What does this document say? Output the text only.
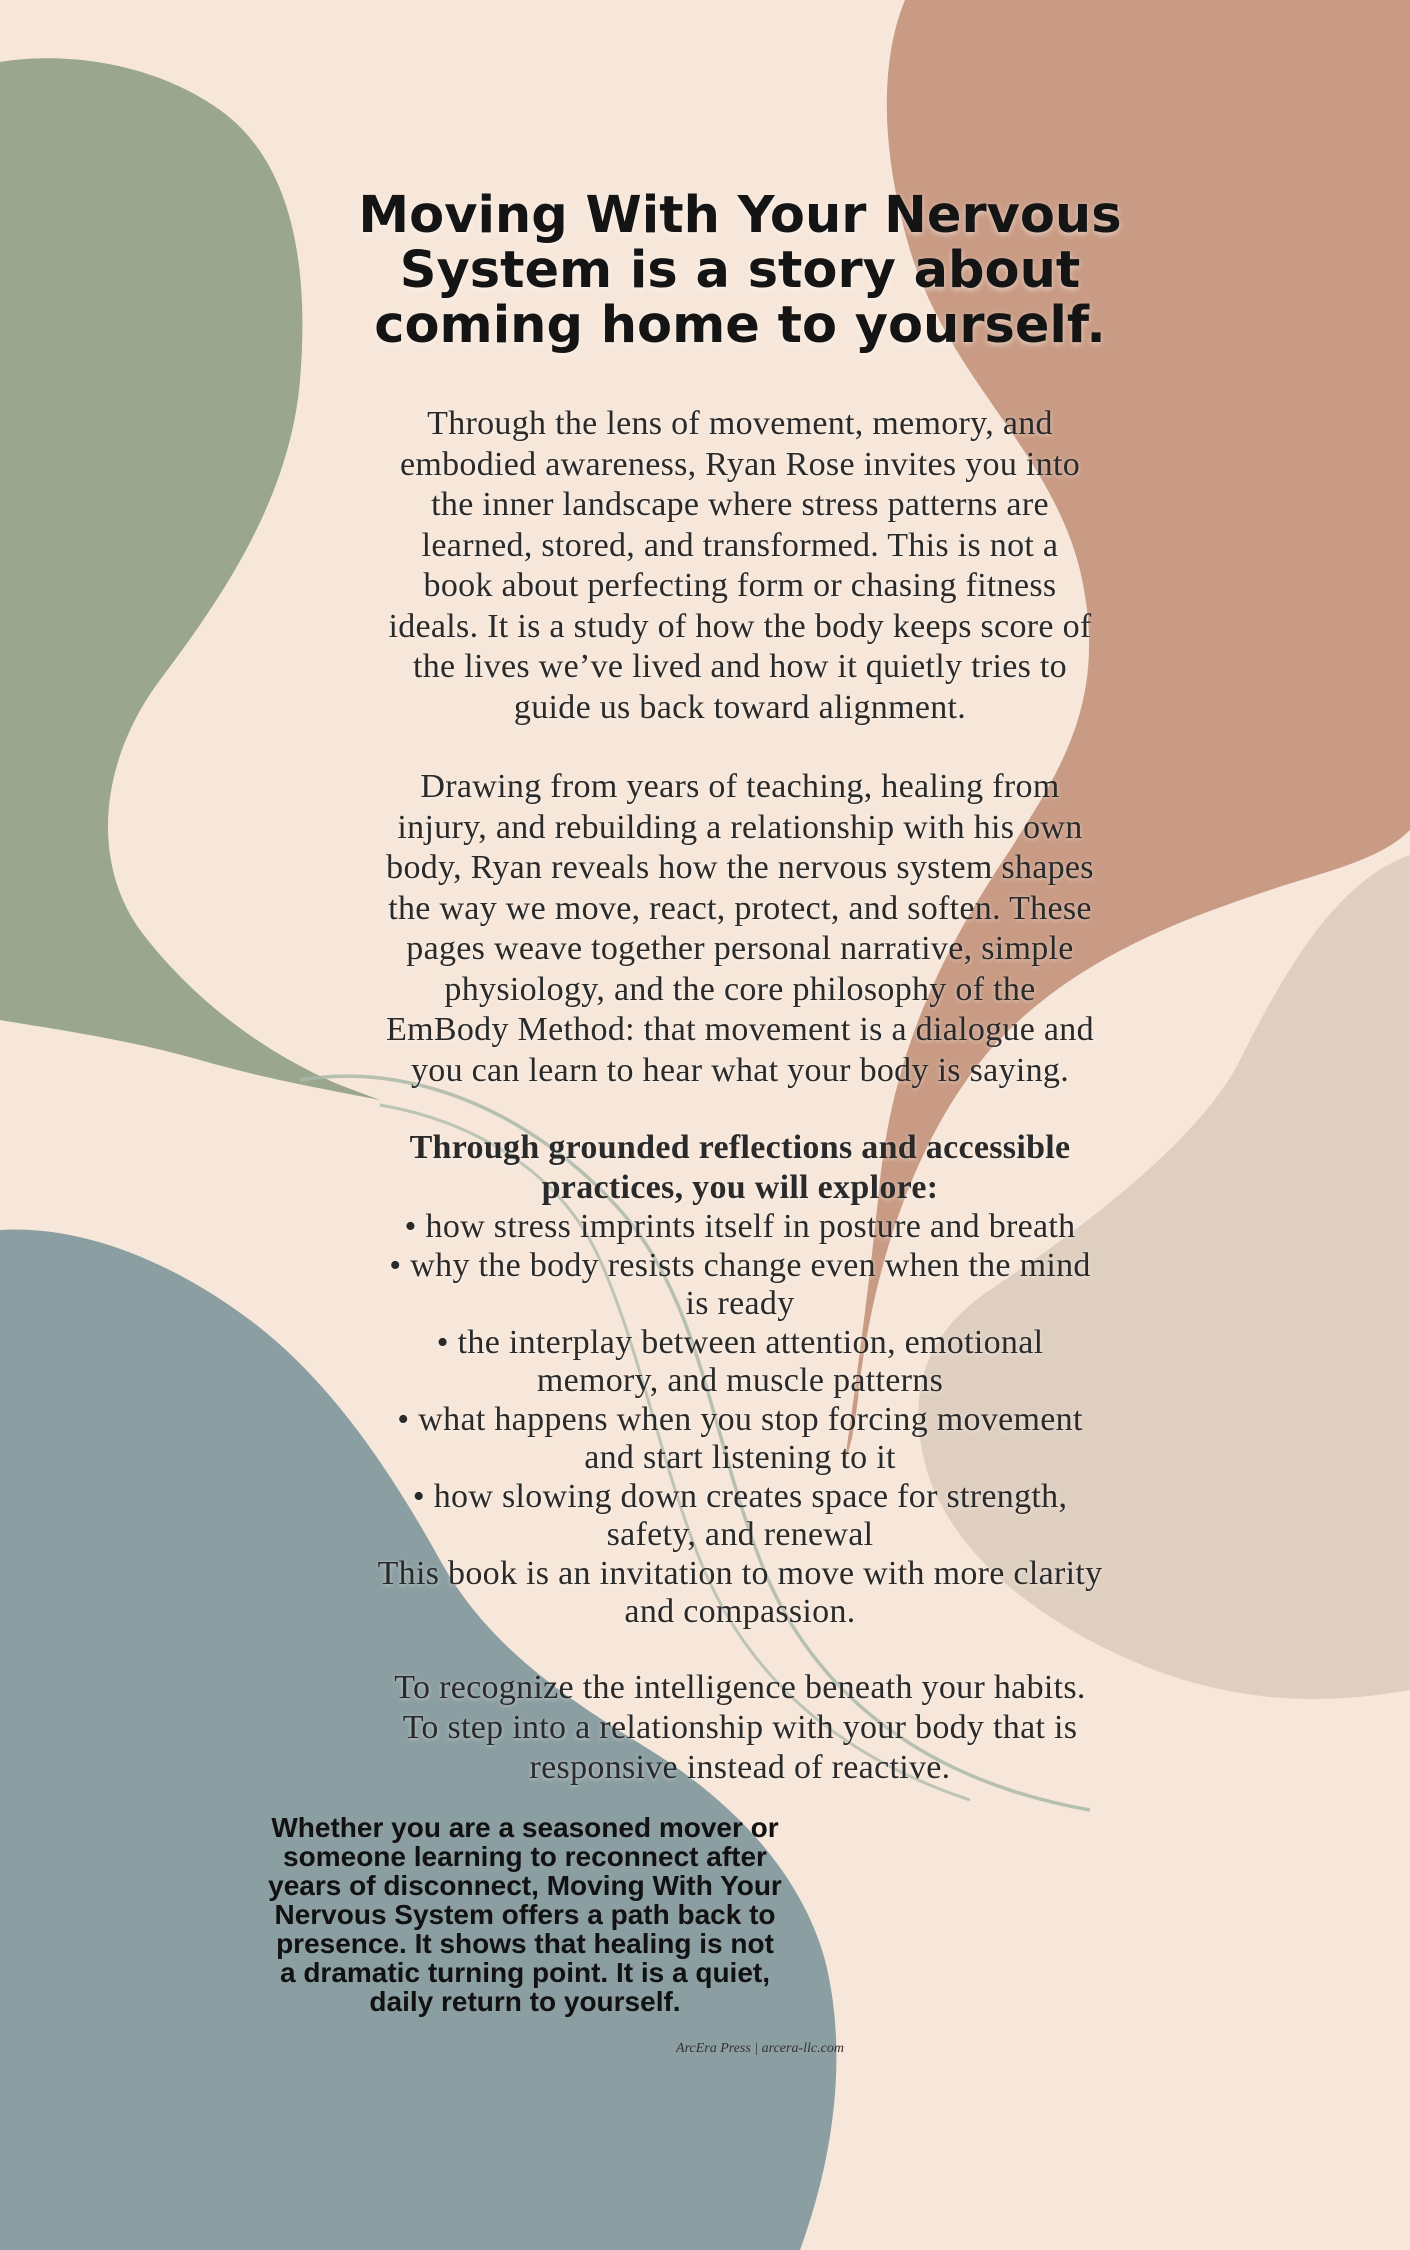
Moving With Your Nervous
System is a story about
coming home to yourself.

Through the lens of movement, memory, and
embodied awareness, Ryan Rose invites you into
the inner landscape where stress patterns are
learned, stored, and transformed. This is not a
book about perfecting form or chasing fitness
ideals. It is a study of how the body keeps score of
the lives we’ve lived and how it quietly tries to
guide us back toward alignment.

Drawing from years of teaching, healing from
injury, and rebuilding a relationship with his own
body, Ryan reveals how the nervous system shapes
the way we move, react, protect, and soften. These
pages weave together personal narrative, simple
physiology, and the core philosophy of the
EmBody Method: that movement is a dialogue and
you can learn to hear what your body is saying.

Through grounded reflections and accessible
practices, you will explore:

• how stress imprints itself in posture and breath
• why the body resists change even when the mind
is ready
• the interplay between attention, emotional
memory, and muscle patterns
• what happens when you stop forcing movement
and start listening to it
• how slowing down creates space for strength,
safety, and renewal
This book is an invitation to move with more clarity
and compassion.

To recognize the intelligence beneath your habits.
To step into a relationship with your body that is
responsive instead of reactive.

Whether you are a seasoned mover or
someone learning to reconnect after
years of disconnect, Moving With Your
Nervous System offers a path back to
presence. It shows that healing is not
a dramatic turning point. It is a quiet,
daily return to yourself.

ArcEra Press | arcera-llc.com
